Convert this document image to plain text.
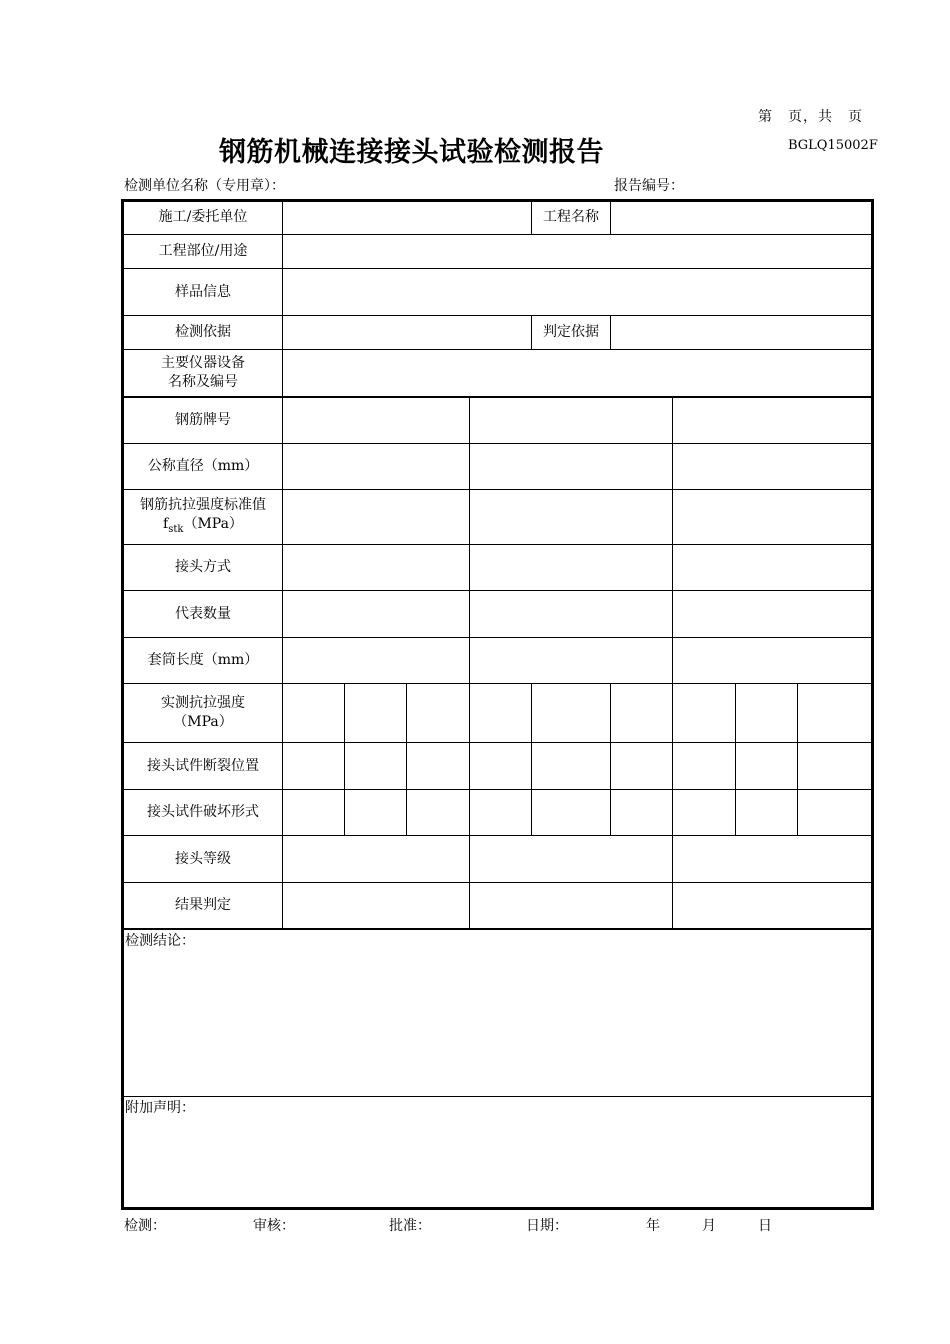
第　页，共　页
钢筋机械连接接头试验检测报告	BGLQ15002F
检测单位名称（专用章）：	报告编号：
施工/委托单位	工程名称
工程部位/用途
样品信息
检测依据	判定依据
主要仪器设备
名称及编号
钢筋牌号
公称直径（mm）
钢筋抗拉强度标准值
$f_{stk}(MPa)$
接头方式
代表数量
套筒长度（mm）
实测抗拉强度
（MPa）
接头试件断裂位置
接头试件破坏形式
接头等级
结果判定
检测结论：
附加声明：
检测：	审核：	批准：	日期：	年	月	日
